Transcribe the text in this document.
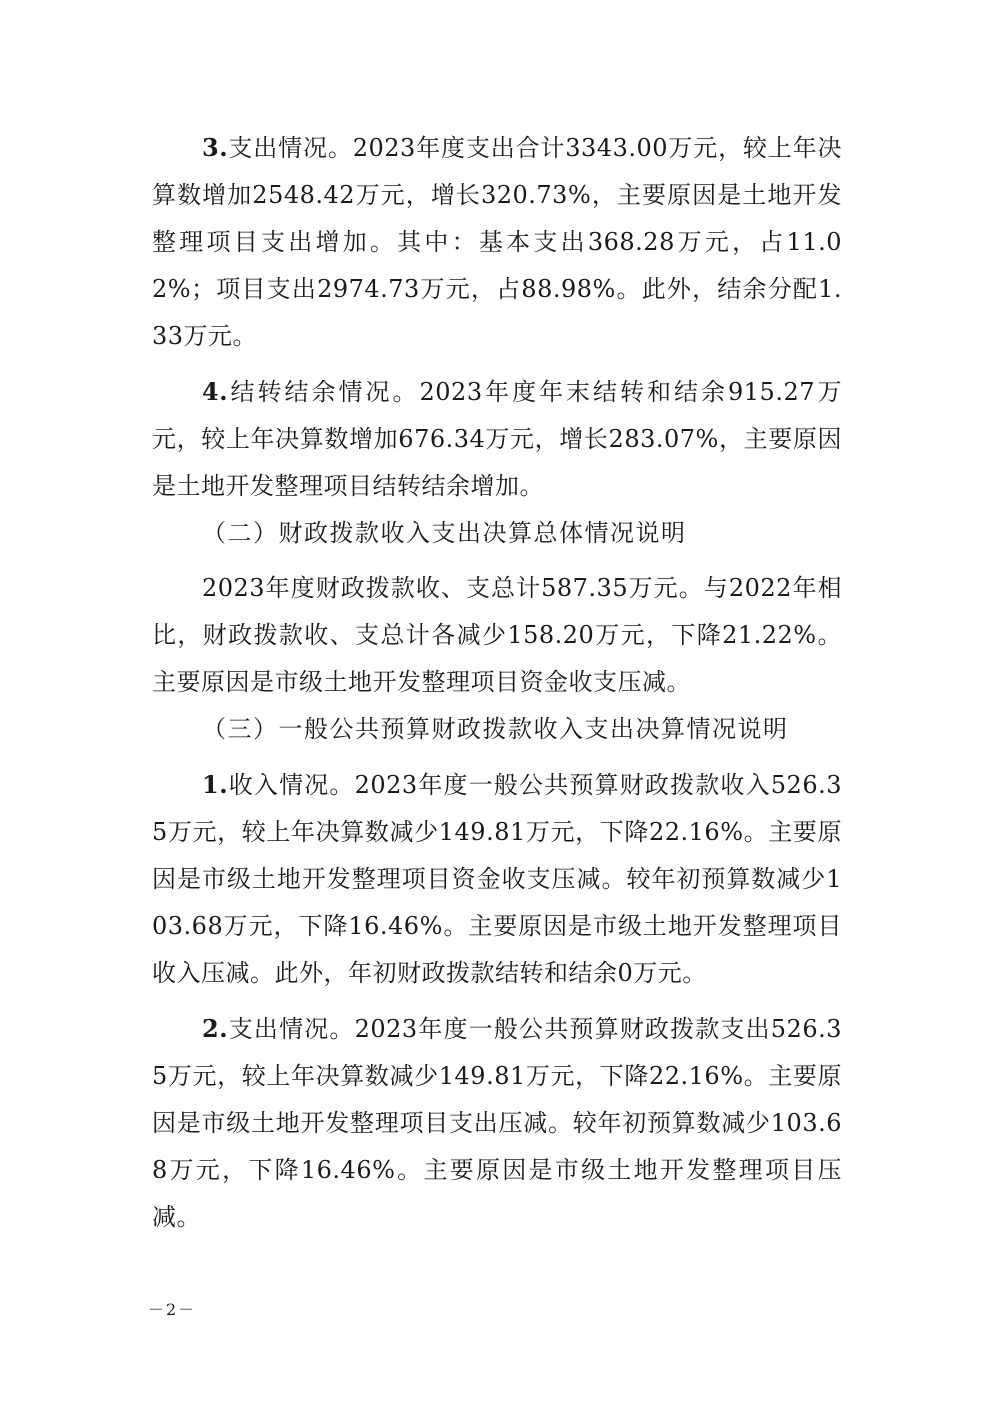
3.支出情况。2023年度支出合计3343.00万元，较上年决算数增加2548.42万元，增长320.73%，主要原因是土地开发整理项目支出增加。其中：基本支出368.28万元，占11.02%；项目支出2974.73万元，占88.98%。此外，结余分配1.33万元。

4.结转结余情况。2023年度年末结转和结余915.27万元，较上年决算数增加676.34万元，增长283.07%，主要原因是土地开发整理项目结转结余增加。

（二）财政拨款收入支出决算总体情况说明

2023年度财政拨款收、支总计587.35万元。与2022年相比，财政拨款收、支总计各减少158.20万元，下降21.22%。主要原因是市级土地开发整理项目资金收支压减。

（三）一般公共预算财政拨款收入支出决算情况说明

1.收入情况。2023年度一般公共预算财政拨款收入526.35万元，较上年决算数减少149.81万元，下降22.16%。主要原因是市级土地开发整理项目资金收支压减。较年初预算数减少103.68万元，下降16.46%。主要原因是市级土地开发整理项目收入压减。此外，年初财政拨款结转和结余0万元。

2.支出情况。2023年度一般公共预算财政拨款支出526.35万元，较上年决算数减少149.81万元，下降22.16%。主要原因是市级土地开发整理项目支出压减。较年初预算数减少103.68万元，下降16.46%。主要原因是市级土地开发整理项目压减。

－2－
